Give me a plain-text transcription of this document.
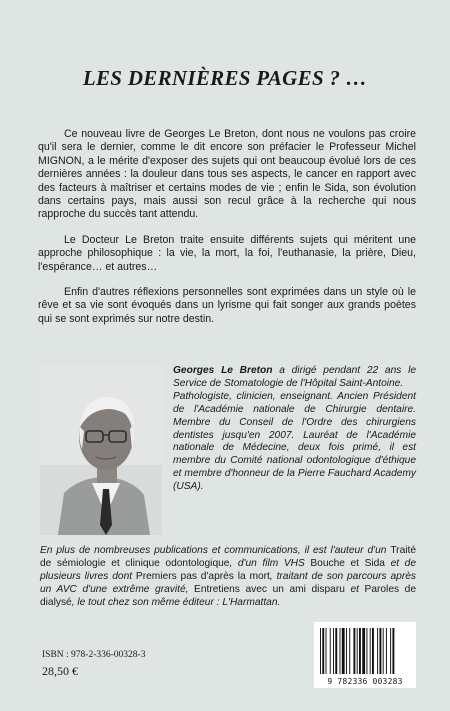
LES DERNIÈRES PAGES ? …

Ce nouveau livre de Georges Le Breton, dont nous ne voulons pas croire qu'il sera le dernier, comme le dit encore son préfacier le Professeur Michel MIGNON, a le mérite d'exposer des sujets qui ont beaucoup évolué lors de ces dernières années : la douleur dans tous ses aspects, le cancer en rapport avec des facteurs à maîtriser et certains modes de vie ; enfin le Sida, son évolution dans certains pays, mais aussi son recul grâce à la recherche qui nous rapproche du succès tant attendu.

Le Docteur Le Breton traite ensuite différents sujets qui méritent une approche philosophique : la vie, la mort, la foi, l'euthanasie, la prière, Dieu, l'espérance… et autres…

Enfin d'autres réflexions personnelles sont exprimées dans un style où le rêve et sa vie sont évoqués dans un lyrisme qui fait songer aux grands poètes qui se sont exprimés sur notre destin.

Georges Le Breton a dirigé pendant 22 ans le Service de Stomatologie de l'Hôpital Saint-Antoine.
Pathologiste, clinicien, enseignant. Ancien Président de l'Académie nationale de Chirurgie dentaire. Membre du Conseil de l'Ordre des chirurgiens dentistes jusqu'en 2007. Lauréat de l'Académie nationale de Médecine, deux fois primé, il est membre du Comité national odontologique d'éthique et membre d'honneur de la Pierre Fauchard Academy (USA).

En plus de nombreuses publications et communications, il est l'auteur d'un Traité de sémiologie et clinique odontologique, d'un film VHS Bouche et Sida et de plusieurs livres dont Premiers pas d'après la mort, traitant de son parcours après un AVC d'une extrême gravité, Entretiens avec un ami disparu et Paroles de dialysé, le tout chez son même éditeur : L'Harmattan.

ISBN : 978-2-336-00328-3
28,50 €
9 782336 003283
